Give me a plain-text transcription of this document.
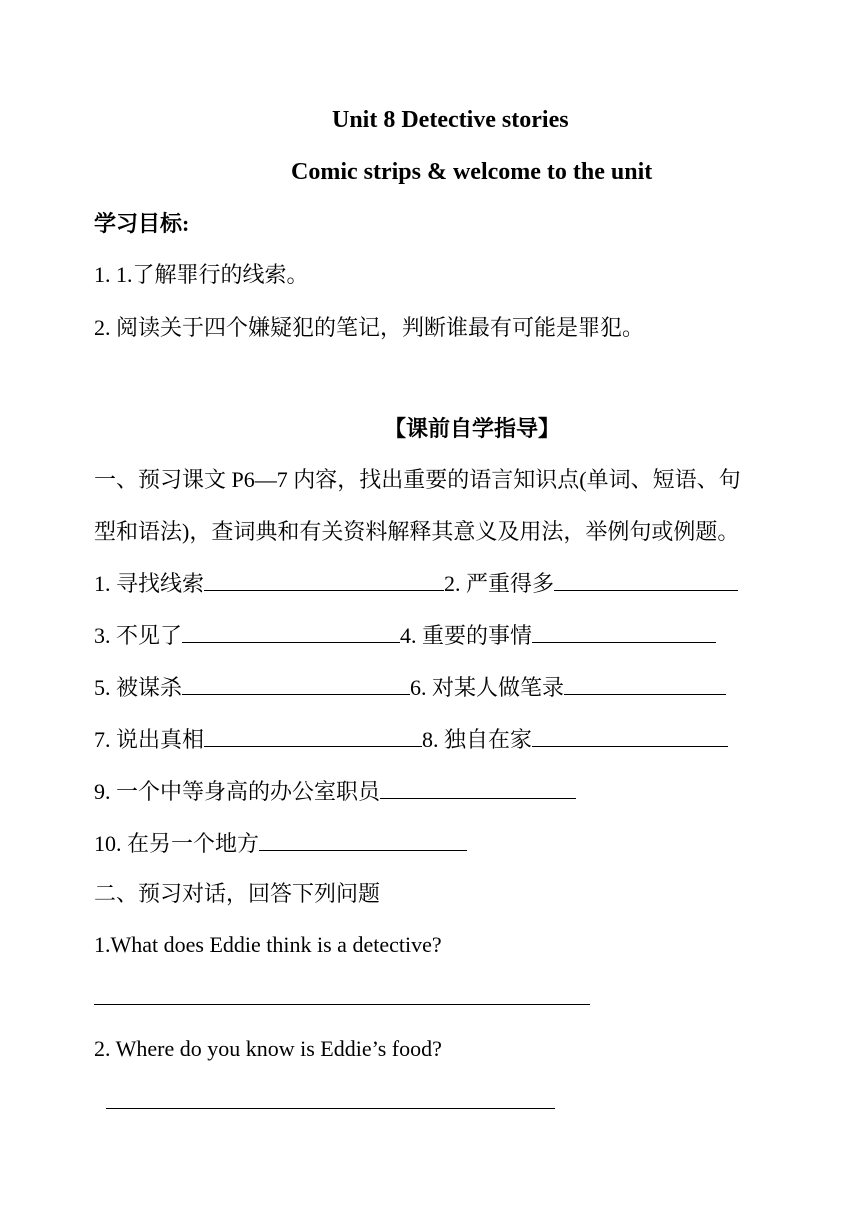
Unit 8 Detective stories
Comic strips & welcome to the unit
学习目标:
1. 1.了解罪行的线索。
2. 阅读关于四个嫌疑犯的笔记，判断谁最有可能是罪犯。
【课前自学指导】
一、预习课文 P6—7 内容，找出重要的语言知识点(单词、短语、句
型和语法)，查词典和有关资料解释其意义及用法，举例句或例题。
1. 寻找线索	2. 严重得多
3. 不见了	4. 重要的事情
5. 被谋杀	6. 对某人做笔录
7. 说出真相	8. 独自在家
9. 一个中等身高的办公室职员
10. 在另一个地方
二、预习对话，回答下列问题
1.What does Eddie think is a detective?
2. Where do you know is Eddie’s food?
